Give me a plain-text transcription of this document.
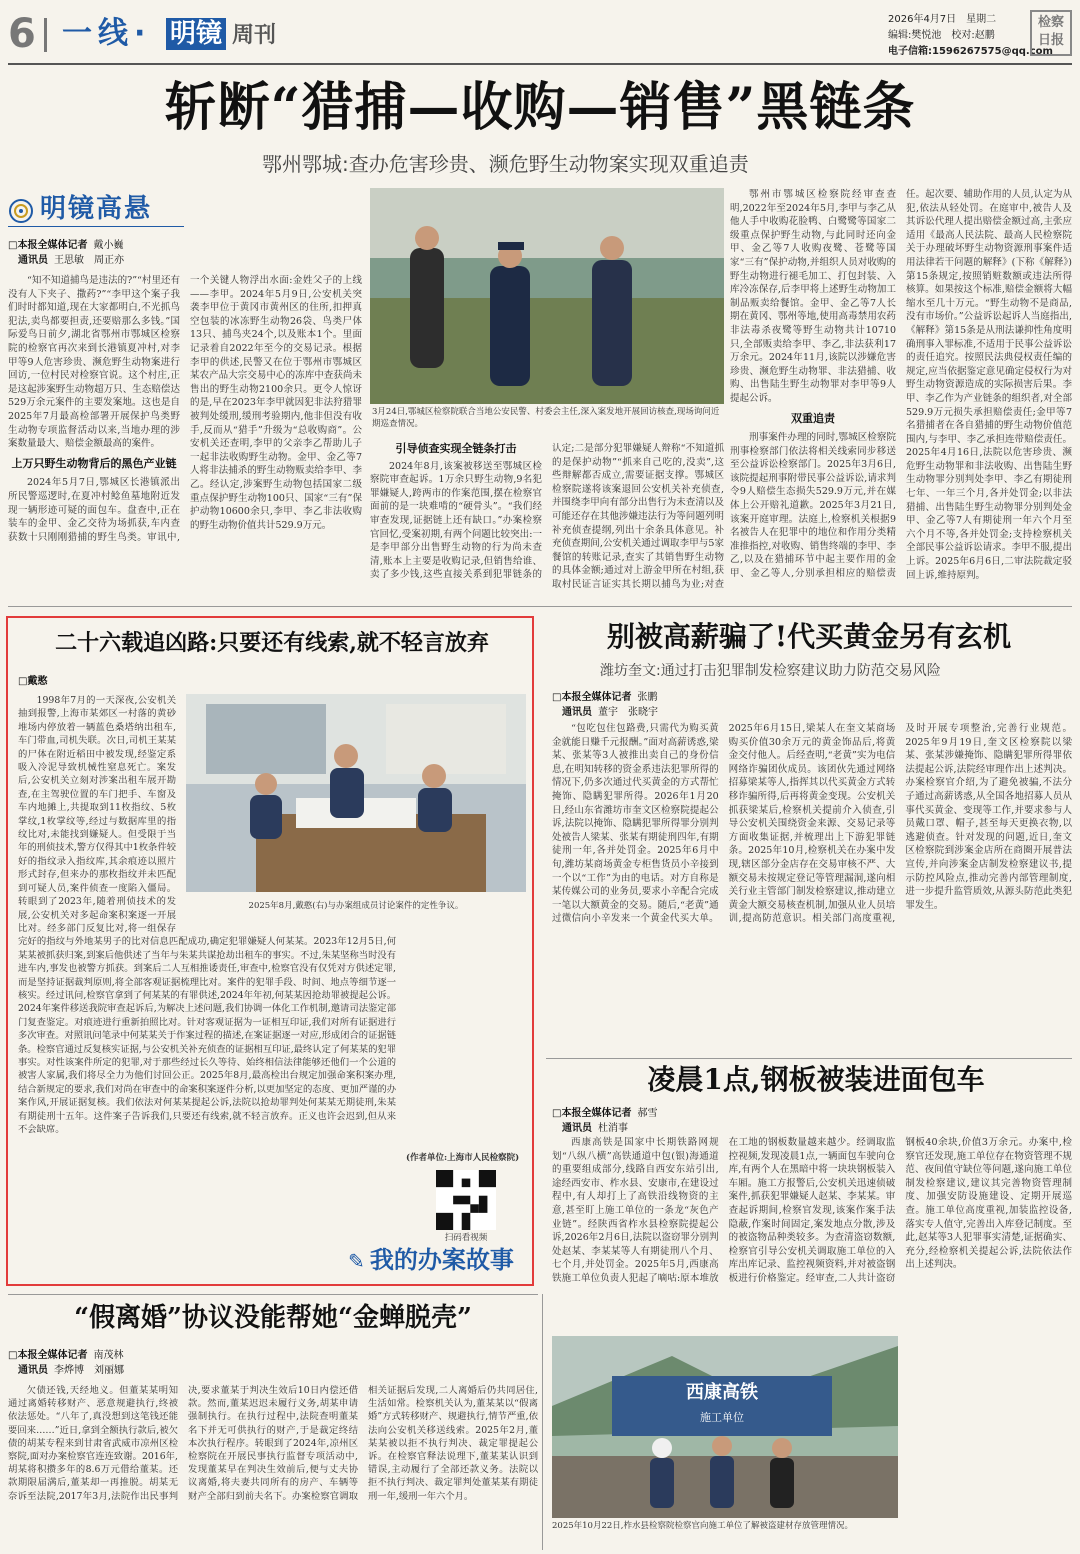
6 一线· 明镜 周刊
2026年4月7日　星期二
编辑:樊悦池　校对:赵鹏
电子信箱:1596267575@qq.com
检察日报
斩断“猎捕—收购—销售”黑链条
鄂州鄂城:查办危害珍贵、濒危野生动物案实现双重追责
明镜高悬
□本报全媒体记者 戴小巍
通讯员 王思敏　周正亦

“知不知道捕鸟是违法的?”“村里还有没有人下夹子、撒药?”“李甲这个案子我们时时都知道,现在大家都明白,不光抓鸟犯法,卖鸟都要担责,还要赔那么多钱。”国际爱鸟日前夕,湖北省鄂州市鄂城区检察院的检察官再次来到长港镇夏冲村,对李甲等9人危害珍贵、濒危野生动物案进行回访,一位村民对检察官说。这个村庄,正是这起涉案野生动物超万只、生态赔偿达529万余元案件的主要发案地。这也是自2025年7月最高检部署开展保护鸟类野生动物专项监督活动以来,当地办理的涉案数量最大、赔偿金额最高的案件。

上万只野生动物背后的黑色产业链

2024年5月7日,鄂城区长港镇派出所民警巡逻时,在夏冲村鲶鱼墓地附近发现一辆形迹可疑的面包车。盘查中,正在装车的金甲、金乙交待为场抓获,车内查获数十只刚刚猎捕的野生鸟类。审讯中,一个关键人物浮出水面:金姓父子的上线——李甲。2024年5月9日,公安机关突袭李甲位于黄冈市黄州区的住所,扣押真空包装的冰冻野生动物26袋、鸟类尸体13只、捕鸟夹24个,以及账本1个。里面记录着自2022年至今的交易记录。根据李甲的供述,民警又在位于鄂州市鄂城区某农产品大宗交易中心的冻库中查获尚未售出的野生动物2100余只。更令人惊讶的是,早在2023年李甲就因犯非法狩猎罪被判处缓刑,缓刑考验期内,他非但没有收手,反而从“猎手”升级为“总收购商”。公安机关还查明,李甲的父亲李乙帮助儿子一起非法收购野生动物。金甲、金乙等7人将非法捕杀的野生动物贩卖给李甲、李乙。经认定,涉案野生动物包括国家二级重点保护野生动物100只、国家“三有”保护动物10600余只,李甲、李乙非法收购的野生动物价值共计529.9万元。

3月24日,鄂城区检察院联合当地公安民警、村委会主任,深入案发地开展回访核查,现场询问近期巡查情况。
引导侦查实现全链条打击

2024年8月,该案被移送至鄂城区检察院审查起诉。1万余只野生动物,9名犯罪嫌疑人,跨两市的作案范围,摆在检察官面前的是一块难啃的“硬骨头”。“我们经审查发现,证据链上还有缺口。”办案检察官回忆,受案初期,有两个问题比较突出:一是李甲部分出售野生动物的行为尚未查清,账本上主要是收购记录,但销售给谁、卖了多少钱,这些直接关系到犯罪链条的认定;二是部分犯罪嫌疑人辩称“不知道抓的是保护动物”“抓来自己吃的,没卖”,这些辩解都否成立,需要证据支撑。鄂城区检察院遂将该案退回公安机关补充侦查,并围绕李甲向有部分出售行为未查清以及可能还存在其他涉嫌违法行为等问题列明补充侦查提纲,列出十余条具体意见。补充侦查期间,公安机关通过调取李甲与5家餐馆的转账记录,查实了其销售野生动物的具体金额;通过对上游金甲所在村组,获取村民证言证实其长期以捕鸟为业;对查

鄂州市鄂城区检察院经审查查明,2022年至2024年5月,李甲与李乙从他人手中收购花脸鸭、白鹭鹭等国家二级重点保护野生动物,与此同时还向金甲、金乙等7人收购夜鹭、苍鹭等国家“三有”保护动物,并组织人员对收购的野生动物进行褪毛加工、打包封装、入库冷冻保存,后李甲将上述野生动物加工制品贩卖给餐馆。金甲、金乙等7人长期在黄冈、鄂州等地,使用高毒禁用农药非法毒杀夜鹭等野生动物共计10710只,全部贩卖给李甲、李乙,非法获利17万余元。2024年11月,该院以涉嫌危害珍贵、濒危野生动物罪、非法猎捕、收购、出售陆生野生动物罪对李甲等9人提起公诉。

双重追责

刑事案件办理的同时,鄂城区检察院刑事检察部门依法将相关线索同步移送至公益诉讼检察部门。2025年3月6日,该院提起刑事附带民事公益诉讼,请求判令9人赔偿生态损失529.9万元,并在媒体上公开赔礼道歉。2025年3月21日,该案开庭审理。法庭上,检察机关根据9名被告人在犯罪中的地位和作用分类精准推指控,对收购、销售终端的李甲、李乙,以及在猎捕环节中起主要作用的金甲、金乙等人,分别承担相应的赔偿责任。起次要、辅助作用的人员,认定为从犯,依法从轻处罚。在庭审中,被告人及其诉讼代理人提出赔偿金额过高,主张应适用《最高人民法院、最高人民检察院关于办理破坏野生动物资源刑事案件适用法律若干问题的解释》(下称《解释》)第15条规定,按照销赃数额或违法所得核算。如果按这个标准,赔偿金额将大幅缩水至几十万元。“野生动物不是商品,没有市场价。”公益诉讼起诉人当庭指出,《解释》第15条是从刑法谦抑性角度明确刑事入罪标准,不适用于民事公益诉讼的责任追究。按照民法典侵权责任编的规定,应当依据鉴定意见确定侵权行为对野生动物资源造成的实际损害后果。李甲、李乙作为产业链条的组织者,对全部529.9万元损失承担赔偿责任;金甲等7名猎捕者在各自猎捕的野生动物价值范围内,与李甲、李乙承担连带赔偿责任。2025年4月16日,法院以危害珍贵、濒危野生动物罪和非法收购、出售陆生野生动物罪分别判处李甲、李乙有期徒刑七年、一年三个月,各并处罚金;以非法猎捕、出售陆生野生动物罪分别判处金甲、金乙等7人有期徒刑一年六个月至六个月不等,各并处罚金;支持检察机关全部民事公益诉讼请求。李甲不服,提出上诉。2025年6月6日,二审法院裁定驳回上诉,维持原判。

二十六载追凶路:只要还有线索,就不轻言放弃
□戴憨
2025年8月,戴憨(右)与办案组成员讨论案件的定性争议。
(作者单位:上海市人民检察院)
扫码看视频

1998年7月的一天深夜,公安机关抽到报警,上海市某郊区一村落的黄砂堆场内停放着一辆蓝色桑塔纳出租车,车门带血,司机失联。次日,司机王某某的尸体在附近稻田中被发现,经鉴定系吸入冷泥导致机械性窒息死亡。案发后,公安机关立刻对涉案出租车展开勘查,在主驾驶位置的车门把手、车窗及车内地摊上,共提取到11枚指纹、5枚掌纹,1枚掌纹等,经过与数据库里的指纹比对,未能找到嫌疑人。但受限于当年的刑侦技术,警方仅得其中1枚条件较好的指纹录入指纹库,其余痕迹以照片形式封存,但来办的那枚指纹并未匹配到可疑人员,案件侦查一度陷入僵局。转眼到了2023年,随着刑侦技术的发展,公安机关对多起命案积案逐一开展比对。经多部门反复比对,将一组保存完好的指纹与外地某男子的比对信息匹配成功,确定犯罪嫌疑人何某某。2023年12月5日,何某某被抓获归案,到案后他供述了当年与朱某共谋抢劫出租车的事实。不过,朱某坚称当时没有进车内,事发也被警方抓获。到案后二人互相推诿责任,审查中,检察官没有仅凭对方供述定罪,而是坚持证据裁判原则,将全部客观证据梳理比对。案件的犯罪手段、时间、地点等细节逐一核实。经过讯问,检察官拿到了何某某的有罪供述,2024年年初,何某某因抢劫罪被提起公诉。2024年案件移送我院审查起诉后,为解决上述问题,我们协调一体化工作机制,邀请司法鉴定部门复查鉴定。对痕迹进行重新拍照比对。针对客观证据为一证相互印证,我们对所有证据进行多次审查。对照讯问笔录中何某某关于作案过程的描述,在案证据逐一对应,形成闭合的证据链条。检察官通过反复核实证据,与公安机关补充侦查的证据相互印证,最终认定了何某某的犯罪事实。对性该案件所定的犯罪,对于那些经过长久等待、始终相信法律能够还他们一个公道的被害人家属,我们将尽全力为他们讨回公正。2025年8月,最高检出台规定加强命案积案办理,结合新规定的要求,我们对尚在审查中的命案积案逐件分析,以更加坚定的态度、更加严谨的办案作风,开展证据复核。我们依法对何某某提起公诉,法院以抢劫罪判处何某某无期徒刑,朱某有期徒刑十五年。这件案子告诉我们,只要还有线索,就不轻言放弃。正义也许会迟到,但从来不会缺席。

✎ 我的办案故事
别被高薪骗了!代买黄金另有玄机
潍坊奎文:通过打击犯罪制发检察建议助力防范交易风险
□本报全媒体记者 张鹏
通讯员 董宇　张晓宇

“包吃包住包路费,只需代为购买黄金就能日赚千元报酬。”面对高薪诱惑,梁某、张某等3人被推出卖自己的身份信息,在明知转移的资金系违法犯罪所得的情况下,仍多次通过代买黄金的方式帮忙掩饰、隐瞒犯罪所得。2026年1月20日,经山东省潍坊市奎文区检察院提起公诉,法院以掩饰、隐瞒犯罪所得罪分别判处被告人梁某、张某有期徒刑四年,有期徒刑一年,各并处罚金。2025年6月中旬,潍坊某商场黄金专柜售货员小辛接到一个以“工作”为由的电话。对方自称是某传媒公司的业务员,要求小辛配合完成一笔以大额黄金的交易。随后,“老黄”通过微信向小辛发来一个黄金代买大单。2025年6月15日,梁某人在奎文某商场购买价值30余万元的黄金饰品后,将黄金交付他人。后经查明,“老黄”实为电信网络诈骗团伙成员。该团伙先通过网络招募梁某等人,指挥其以代买黄金方式转移诈骗所得,后再将黄金变现。公安机关抓获梁某后,检察机关提前介入侦查,引导公安机关围绕资金来源、交易记录等方面收集证据,并梳理出上下游犯罪链条。2025年10月,检察机关在办案中发现,辖区部分金店存在交易审核不严、大额交易未按规定登记等管理漏洞,遂向相关行业主管部门制发检察建议,推动建立黄金大额交易核查机制,加强从业人员培训,提高防范意识。相关部门高度重视,及时开展专项整治,完善行业规范。2025年9月19日,奎文区检察院以梁某、张某涉嫌掩饰、隐瞒犯罪所得罪依法提起公诉,法院经审理作出上述判决。办案检察官介绍,为了避免被骗,不法分子通过高薪诱惑,从全国各地招募人员从事代买黄金、变现等工作,并要求参与人员戴口罩、帽子,甚至每天更换衣物,以逃避侦查。针对发现的问题,近日,奎文区检察院到涉案金店所在商圈开展普法宣传,并向涉案金店制发检察建议书,提示防控风险点,推动完善内部管理制度,进一步提升监管质效,从源头防范此类犯罪发生。

凌晨1点,钢板被装进面包车
□本报全媒体记者 郝雪
通讯员 杜消事
西康高铁
施工单位
2025年10月22日,柞水县检察院检察官向施工单位了解被盗建材存放管理情况。

西康高铁是国家中长期铁路网规划“八纵八横”高铁通道中包(银)海通道的重要组成部分,线路自西安东站引出,途经西安市、柞水县、安康市,在建设过程中,有人却打上了高铁沿线物资的主意,甚至盯上施工单位的一条龙“灰色产业链”。经陕西省柞水县检察院提起公诉,2026年2月6日,法院以盗窃罪分别判处赵某、李某某等人有期徒刑八个月、七个月,并处罚金。2025年5月,西康高铁施工单位负责人犯起了嘀咕:原本堆放在工地的钢板数量越来越少。经调取监控视频,发现凌晨1点,一辆面包车驶向仓库,有两个人在黑暗中将一块块钢板装入车厢。施工方报警后,公安机关迅速侦破案件,抓获犯罪嫌疑人赵某、李某某。审查起诉期间,检察官发现,该案作案手法隐蔽,作案时间固定,案发地点分散,涉及的被盗物品种类较多。为查清盗窃数额,检察官引导公安机关调取施工单位的入库出库记录、监控视频资料,并对被盗钢板进行价格鉴定。经审查,二人共计盗窃钢板40余块,价值3万余元。办案中,检察官还发现,施工单位存在物资管理不规范、夜间值守缺位等问题,遂向施工单位制发检察建议,建议其完善物资管理制度、加强安防设施建设、定期开展巡查。施工单位高度重视,加装监控设备,落实专人值守,完善出入库登记制度。至此,赵某等3人犯罪事实清楚,证据确实、充分,经检察机关提起公诉,法院依法作出上述判决。

“假离婚”协议没能帮她“金蝉脱壳”
□本报全媒体记者 南茂林
通讯员 李烨博　刘丽娜

欠债还钱,天经地义。但董某某明知通过离婚转移财产、恶意规避执行,终被依法惩处。“八年了,真没想到这笔钱还能要回来……”近日,拿到全额执行款后,被欠债的胡某专程来到甘肃省武威市凉州区检察院,面对办案检察官连连致谢。2016年,胡某将积攒多年的8.6万元借给董某。还款期限届满后,董某却一再推脱。胡某无奈诉至法院,2017年3月,法院作出民事判决,要求董某于判决生效后10日内偿还借款。然而,董某迟迟未履行义务,胡某申请强制执行。在执行过程中,法院查明董某名下并无可供执行的财产,于是裁定终结本次执行程序。转眼到了2024年,凉州区检察院在开展民事执行监督专项活动中,发现董某早在判决生效前后,便与丈夫协议离婚,将夫妻共同所有的房产、车辆等财产全部归到前夫名下。办案检察官调取相关证据后发现,二人离婚后仍共同居住,生活如常。检察机关认为,董某某以“假离婚”方式转移财产、规避执行,情节严重,依法向公安机关移送线索。2025年2月,董某某被以拒不执行判决、裁定罪提起公诉。在检察官释法说理下,董某某认识到错误,主动履行了全部还款义务。法院以拒不执行判决、裁定罪判处董某某有期徒刑一年,缓刑一年六个月。
